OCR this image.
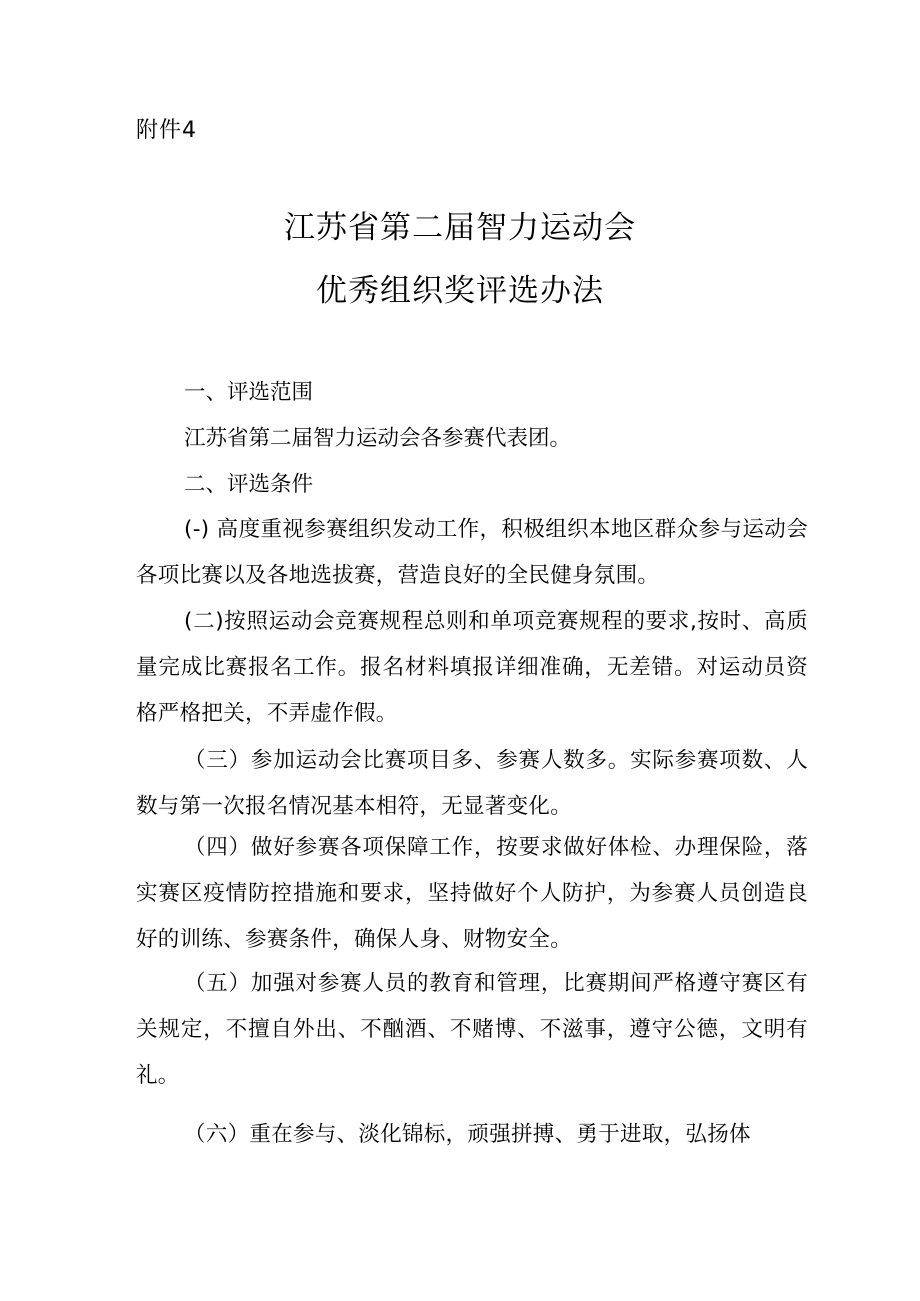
附件4
江苏省第二届智力运动会
优秀组织奖评选办法
一、评选范围
江苏省第二届智力运动会各参赛代表团。
二、评选条件
(-) 高度重视参赛组织发动工作，积极组织本地区群众参与运动会各项比赛以及各地选拔赛，营造良好的全民健身氛围。
(二)按照运动会竞赛规程总则和单项竞赛规程的要求,按时、高质量完成比赛报名工作。报名材料填报详细准确，无差错。对运动员资格严格把关，不弄虚作假。
（三）参加运动会比赛项目多、参赛人数多。实际参赛项数、人数与第一次报名情况基本相符，无显著变化。
（四）做好参赛各项保障工作，按要求做好体检、办理保险，落实赛区疫情防控措施和要求，坚持做好个人防护，为参赛人员创造良好的训练、参赛条件，确保人身、财物安全。
（五）加强对参赛人员的教育和管理，比赛期间严格遵守赛区有关规定，不擅自外出、不酗酒、不赌博、不滋事，遵守公德，文明有礼。
（六）重在参与、淡化锦标，顽强拼搏、勇于进取，弘扬体
